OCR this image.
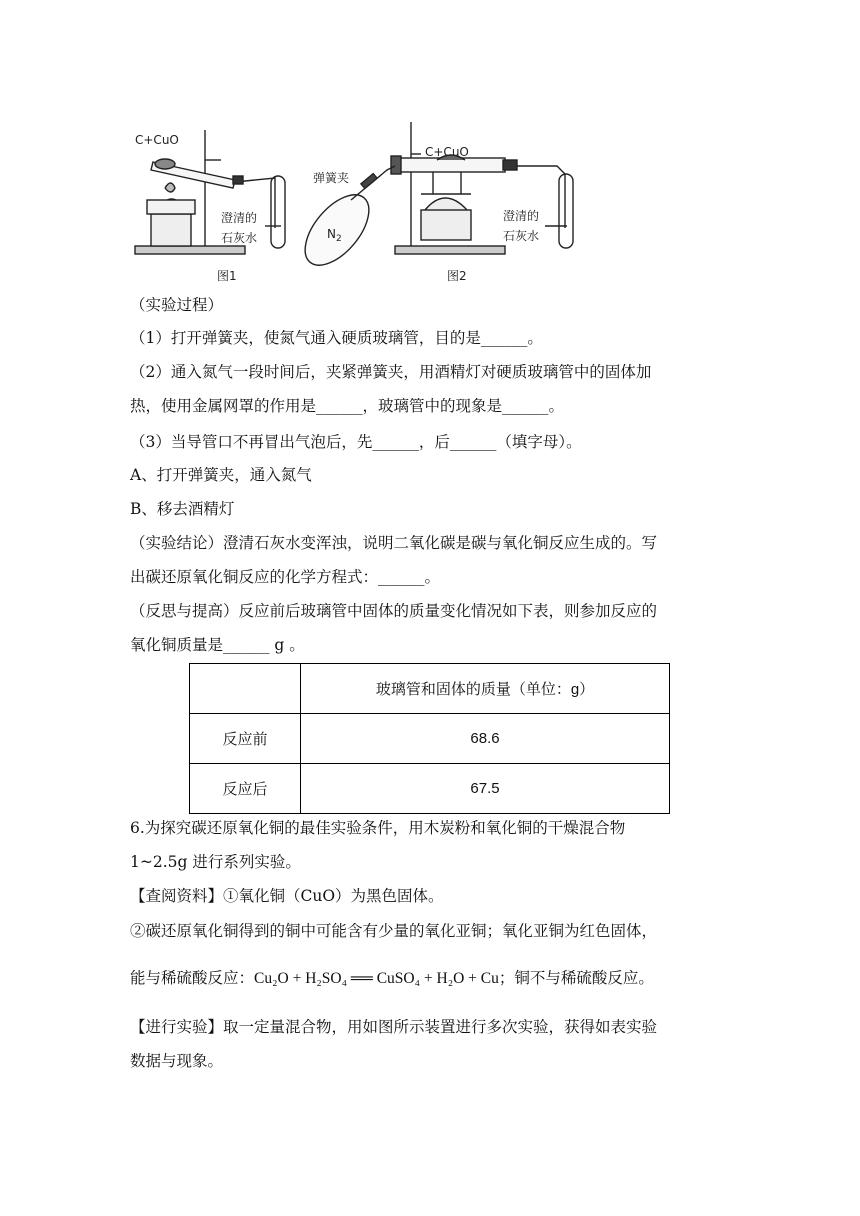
C+CuO
澄清的
石灰水
图1
C+CuO
弹簧夹
$N_2$
澄清的
石灰水
图2
（实验过程）
（1）打开弹簧夹，使氮气通入硬质玻璃管，目的是______。
（2）通入氮气一段时间后，夹紧弹簧夹，用酒精灯对硬质玻璃管中的固体加
热，使用金属网罩的作用是______，玻璃管中的现象是______。
（3）当导管口不再冒出气泡后，先______，后______（填字母）。
A、打开弹簧夹，通入氮气
B、移去酒精灯
（实验结论）澄清石灰水变浑浊，说明二氧化碳是碳与氧化铜反应生成的。写
出碳还原氧化铜反应的化学方程式：______。
（反思与提高）反应前后玻璃管中固体的质量变化情况如下表，则参加反应的
氧化铜质量是______ g 。
	玻璃管和固体的质量（单位：g）
反应前	68.6
反应后	67.5
6.为探究碳还原氧化铜的最佳实验条件，用木炭粉和氧化铜的干燥混合物
1~2.5g 进行系列实验。
【查阅资料】①氧化铜（CuO）为黑色固体。
②碳还原氧化铜得到的铜中可能含有少量的氧化亚铜；氧化亚铜为红色固体，
能与稀硫酸反应：Cu₂O + H₂SO₄ ══ CuSO₄ + H₂O + Cu；铜不与稀硫酸反应。
【进行实验】取一定量混合物，用如图所示装置进行多次实验，获得如表实验
数据与现象。
